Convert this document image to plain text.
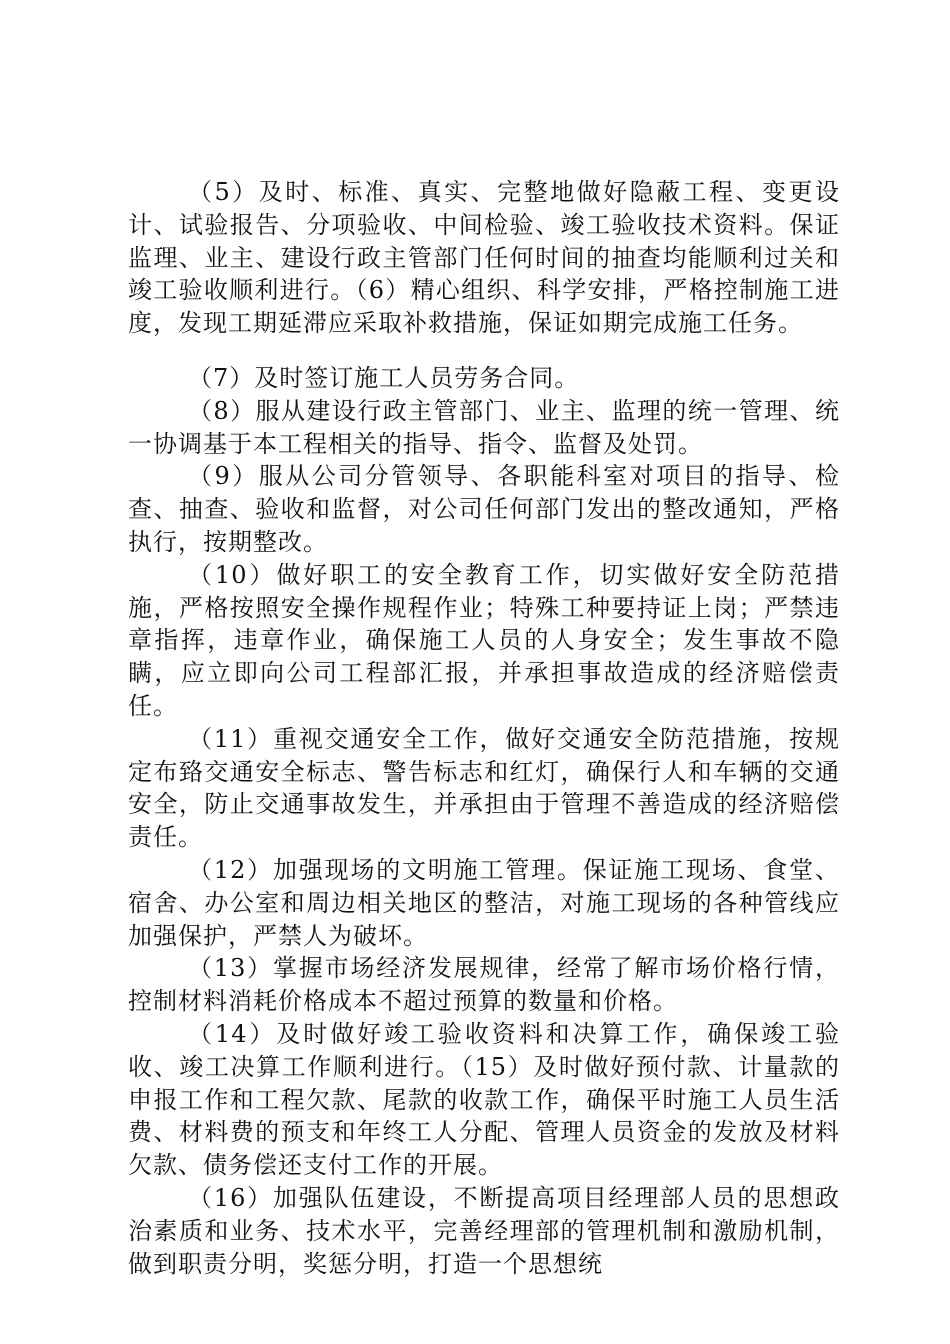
（5）及时、标准、真实、完整地做好隐蔽工程、变更设计、试验报告、分项验收、中间检验、竣工验收技术资料。保证监理、业主、建设行政主管部门任何时间的抽查均能顺利过关和竣工验收顺利进行。（6）精心组织、科学安排，严格控制施工进度，发现工期延滞应采取补救措施，保证如期完成施工任务。

（7）及时签订施工人员劳务合同。

（8）服从建设行政主管部门、业主、监理的统一管理、统一协调基于本工程相关的指导、指令、监督及处罚。

（9）服从公司分管领导、各职能科室对项目的指导、检查、抽查、验收和监督，对公司任何部门发出的整改通知，严格执行，按期整改。

（10）做好职工的安全教育工作，切实做好安全防范措施，严格按照安全操作规程作业；特殊工种要持证上岗；严禁违章指挥，违章作业，确保施工人员的人身安全；发生事故不隐瞒，应立即向公司工程部汇报，并承担事故造成的经济赔偿责任。

（11）重视交通安全工作，做好交通安全防范措施，按规定布臵交通安全标志、警告标志和红灯，确保行人和车辆的交通安全，防止交通事故发生，并承担由于管理不善造成的经济赔偿责任。

（12）加强现场的文明施工管理。保证施工现场、食堂、宿舍、办公室和周边相关地区的整洁，对施工现场的各种管线应加强保护，严禁人为破坏。

（13）掌握市场经济发展规律，经常了解市场价格行情，控制材料消耗价格成本不超过预算的数量和价格。

（14）及时做好竣工验收资料和决算工作，确保竣工验收、竣工决算工作顺利进行。（15）及时做好预付款、计量款的申报工作和工程欠款、尾款的收款工作，确保平时施工人员生活费、材料费的预支和年终工人分配、管理人员资金的发放及材料欠款、债务偿还支付工作的开展。

（16）加强队伍建设，不断提高项目经理部人员的思想政治素质和业务、技术水平，完善经理部的管理机制和激励机制，做到职责分明，奖惩分明，打造一个思想统
